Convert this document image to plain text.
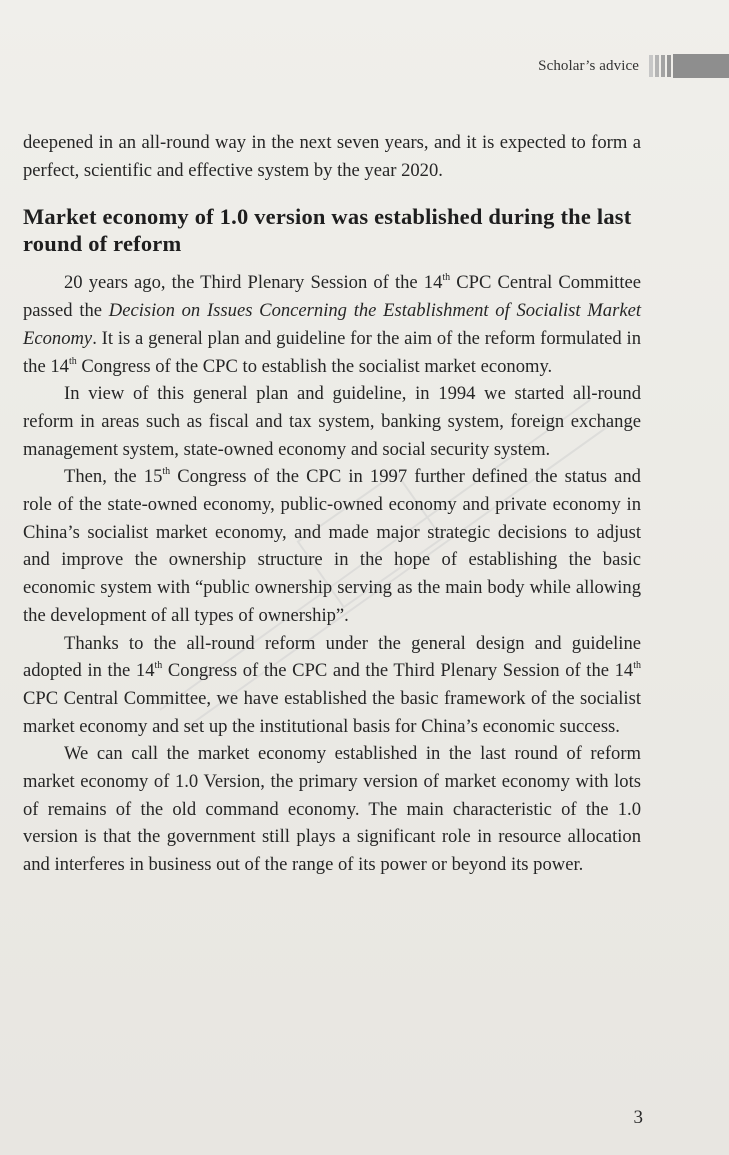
Scholar’s advice

deepened in an all-round way in the next seven years, and it is expected to form a perfect, scientific and effective system by the year 2020.

Market economy of 1.0 version was established during the last round of reform

20 years ago, the Third Plenary Session of the 14th CPC Central Committee passed the Decision on Issues Concerning the Establishment of Socialist Market Economy. It is a general plan and guideline for the aim of the reform formulated in the 14th Congress of the CPC to establish the socialist market economy.

In view of this general plan and guideline, in 1994 we started all-round reform in areas such as fiscal and tax system, banking system, foreign exchange management system, state-owned economy and social security system.

Then, the 15th Congress of the CPC in 1997 further defined the status and role of the state-owned economy, public-owned economy and private economy in China’s socialist market economy, and made major strategic decisions to adjust and improve the ownership structure in the hope of establishing the basic economic system with “public ownership serving as the main body while allowing the development of all types of ownership”.

Thanks to the all-round reform under the general design and guideline adopted in the 14th Congress of the CPC and the Third Plenary Session of the 14th CPC Central Committee, we have established the basic framework of the socialist market economy and set up the institutional basis for China’s economic success.

We can call the market economy established in the last round of reform market economy of 1.0 Version, the primary version of market economy with lots of remains of the old command economy. The main characteristic of the 1.0 version is that the government still plays a significant role in resource allocation and interferes in business out of the range of its power or beyond its power.

3
